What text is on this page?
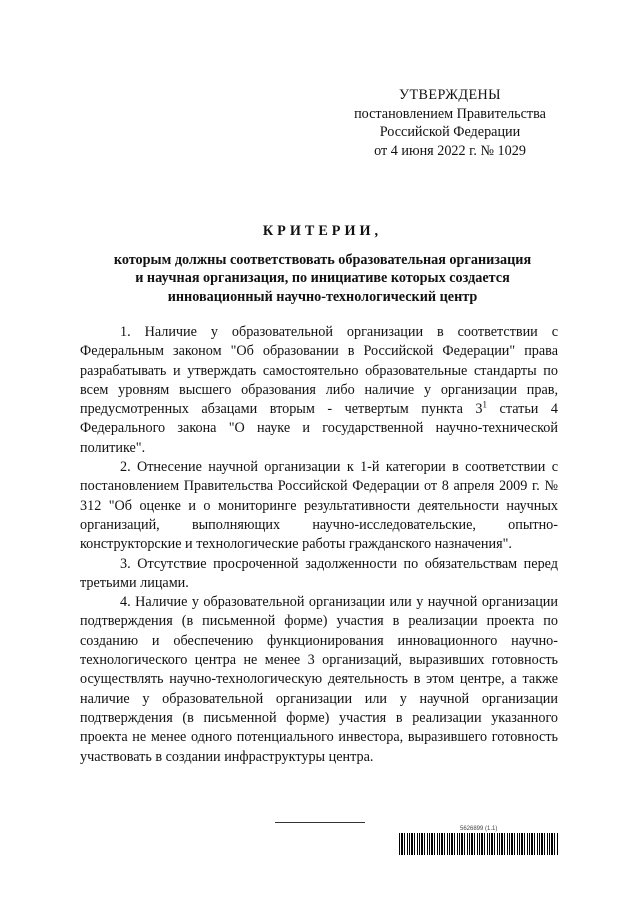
УТВЕРЖДЕНЫ
постановлением Правительства
Российской Федерации
от 4 июня 2022 г. № 1029
КРИТЕРИИ,
которым должны соответствовать образовательная организация
и научная организация, по инициативе которых создается
инновационный научно-технологический центр

1. Наличие у образовательной организации в соответствии с Федеральным законом "Об образовании в Российской Федерации" права разрабатывать и утверждать самостоятельно образовательные стандарты по всем уровням высшего образования либо наличие у организации прав, предусмотренных абзацами вторым - четвертым пункта $3^1$ статьи 4 Федерального закона "О науке и государственной научно-технической политике".

2. Отнесение научной организации к 1-й категории в соответствии с постановлением Правительства Российской Федерации от 8 апреля 2009 г. № 312 "Об оценке и о мониторинге результативности деятельности научных организаций, выполняющих научно-исследовательские, опытно-конструкторские и технологические работы гражданского назначения".

3. Отсутствие просроченной задолженности по обязательствам перед третьими лицами.

4. Наличие у образовательной организации или у научной организации подтверждения (в письменной форме) участия в реализации проекта по созданию и обеспечению функционирования инновационного научно-технологического центра не менее 3 организаций, выразивших готовность осуществлять научно-технологическую деятельность в этом центре, а также наличие у образовательной организации или у научной организации подтверждения (в письменной форме) участия в реализации указанного проекта не менее одного потенциального инвестора, выразившего готовность участвовать в создании инфраструктуры центра.

5626899 (1.1)
